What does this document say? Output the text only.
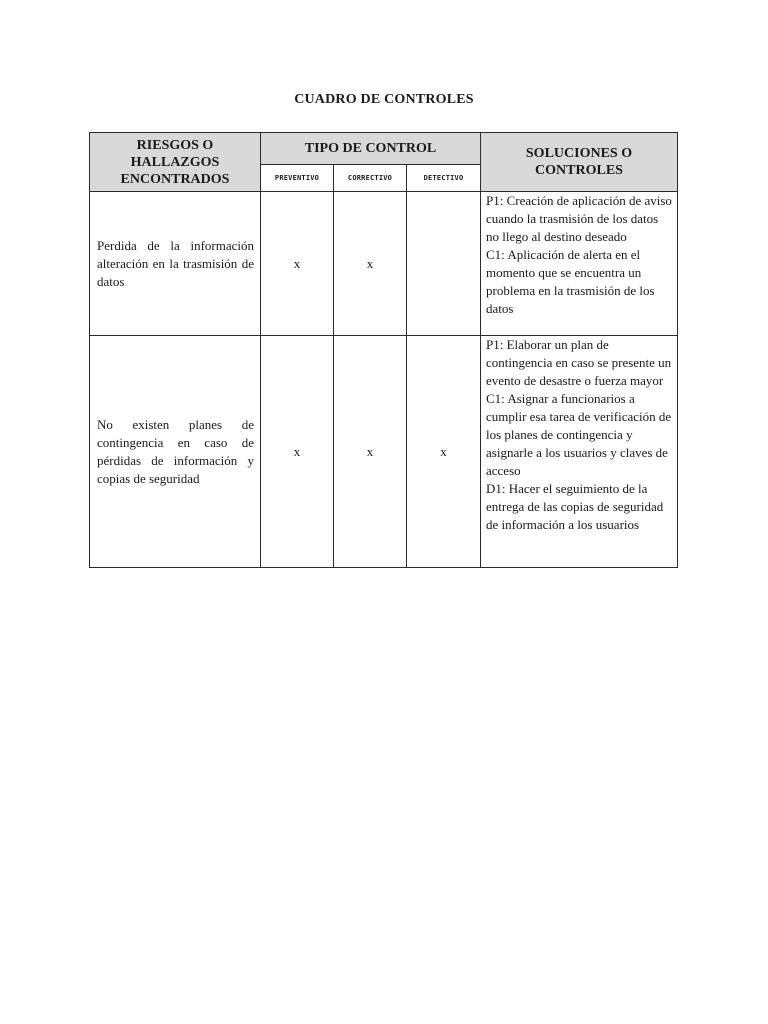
CUADRO DE CONTROLES
RIESGOS O HALLAZGOS ENCONTRADOS	TIPO DE CONTROL			SOLUCIONES O CONTROLES
	PREVENTIVO	CORRECTIVO	DETECTIVO	
Perdida de la información alteración en la trasmisión de datos	x	x		P1: Creación de aplicación de aviso cuando la trasmisión de los datos no llego al destino deseado
C1: Aplicación de alerta en el momento que se encuentra un problema en la trasmisión de los datos

No existen planes de contingencia en caso de pérdidas de información y copias de seguridad	x	x	x	P1: Elaborar un plan de contingencia en caso se presente un evento de desastre o fuerza mayor
C1: Asignar a funcionarios a cumplir esa tarea de verificación de los planes de contingencia y asignarle a los usuarios y claves de acceso
D1: Hacer el seguimiento de la entrega de las copias de seguridad de información a los usuarios
